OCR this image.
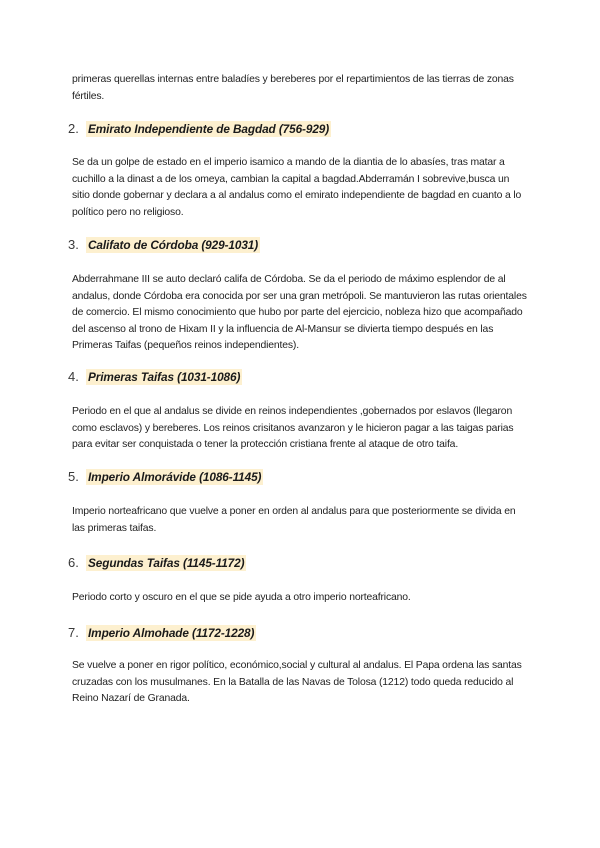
primeras querellas internas entre baladíes y bereberes por el repartimientos de las tierras de zonas fértiles.

2. Emirato Independiente de Bagdad (756-929)

Se da un golpe de estado en el imperio isamico a mando de la diantia de lo abasíes, tras matar a cuchillo a la dinast a de los omeya, cambian la capital a bagdad.Abderramán I sobrevive,busca un sitio donde gobernar y declara a al andalus como el emirato independiente de bagdad en cuanto a lo político pero no religioso.

3. Califato de Córdoba (929-1031)

Abderrahmane III se auto declaró califa de Córdoba. Se da el periodo de máximo esplendor de al andalus, donde Córdoba era conocida por ser una gran metrópoli. Se mantuvieron las rutas orientales de comercio. El mismo conocimiento que hubo por parte del ejercicio, nobleza hizo que acompañado del ascenso al trono de Hixam II y la influencia de Al-Mansur se divierta tiempo después en las Primeras Taifas (pequeños reinos independientes).

4. Primeras Taifas (1031-1086)

Periodo en el que al andalus se divide en reinos independientes ,gobernados por eslavos (llegaron como esclavos) y bereberes. Los reinos crisitanos avanzaron y le hicieron pagar a las taigas parias para evitar ser conquistada o tener la protección cristiana frente al ataque de otro taifa.

5. Imperio Almorávide (1086-1145)

Imperio norteafricano que vuelve a poner en orden al andalus para que posteriormente se divida en las primeras taifas.

6. Segundas Taifas (1145-1172)

Periodo corto y oscuro en el que se pide ayuda a otro imperio norteafricano.

7. Imperio Almohade (1172-1228)

Se vuelve a poner en rigor político, económico,social y cultural al andalus. El Papa ordena las santas cruzadas con los musulmanes. En la Batalla de las Navas de Tolosa (1212) todo queda reducido al Reino Nazarí de Granada.
